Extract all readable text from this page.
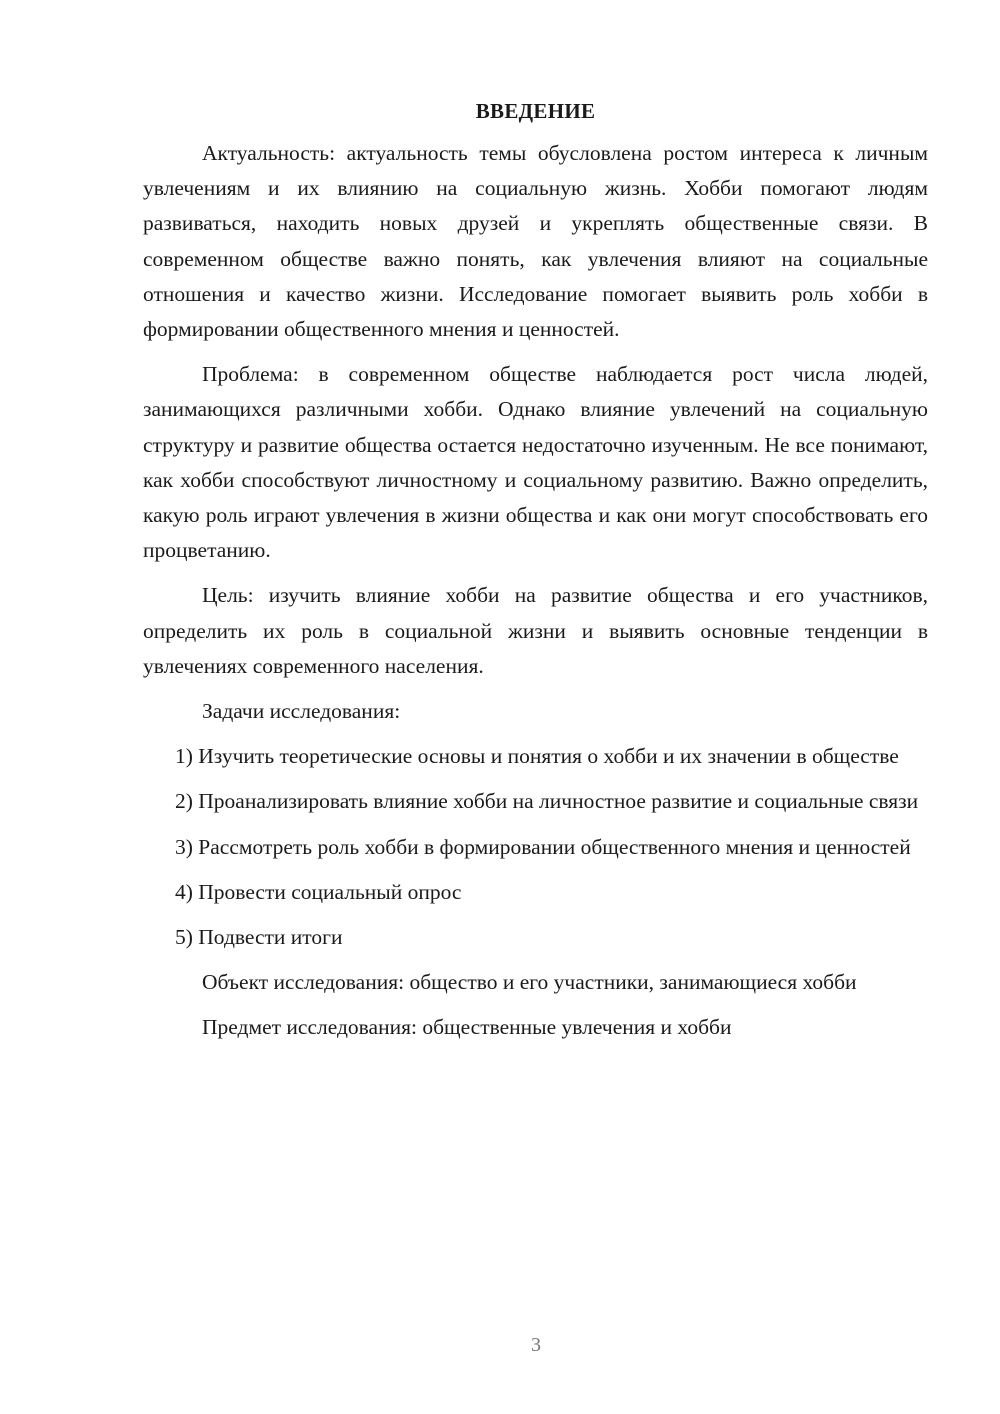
ВВЕДЕНИЕ

Актуальность: актуальность темы обусловлена ростом интереса к личным увлечениям и их влиянию на социальную жизнь. Хобби помогают людям развиваться, находить новых друзей и укреплять общественные связи. В современном обществе важно понять, как увлечения влияют на социальные отношения и качество жизни. Исследование помогает выявить роль хобби в формировании общественного мнения и ценностей.

Проблема: в современном обществе наблюдается рост числа людей, занимающихся различными хобби. Однако влияние увлечений на социальную структуру и развитие общества остается недостаточно изученным. Не все понимают, как хобби способствуют личностному и социальному развитию. Важно определить, какую роль играют увлечения в жизни общества и как они могут способствовать его процветанию.

Цель: изучить влияние хобби на развитие общества и его участников, определить их роль в социальной жизни и выявить основные тенденции в увлечениях современного населения.

Задачи исследования:

1) Изучить теоретические основы и понятия о хобби и их значении в обществе

2) Проанализировать влияние хобби на личностное развитие и социальные связи

3) Рассмотреть роль хобби в формировании общественного мнения и ценностей

4) Провести социальный опрос

5) Подвести итоги

Объект исследования: общество и его участники, занимающиеся хобби

Предмет исследования: общественные увлечения и хобби

3
